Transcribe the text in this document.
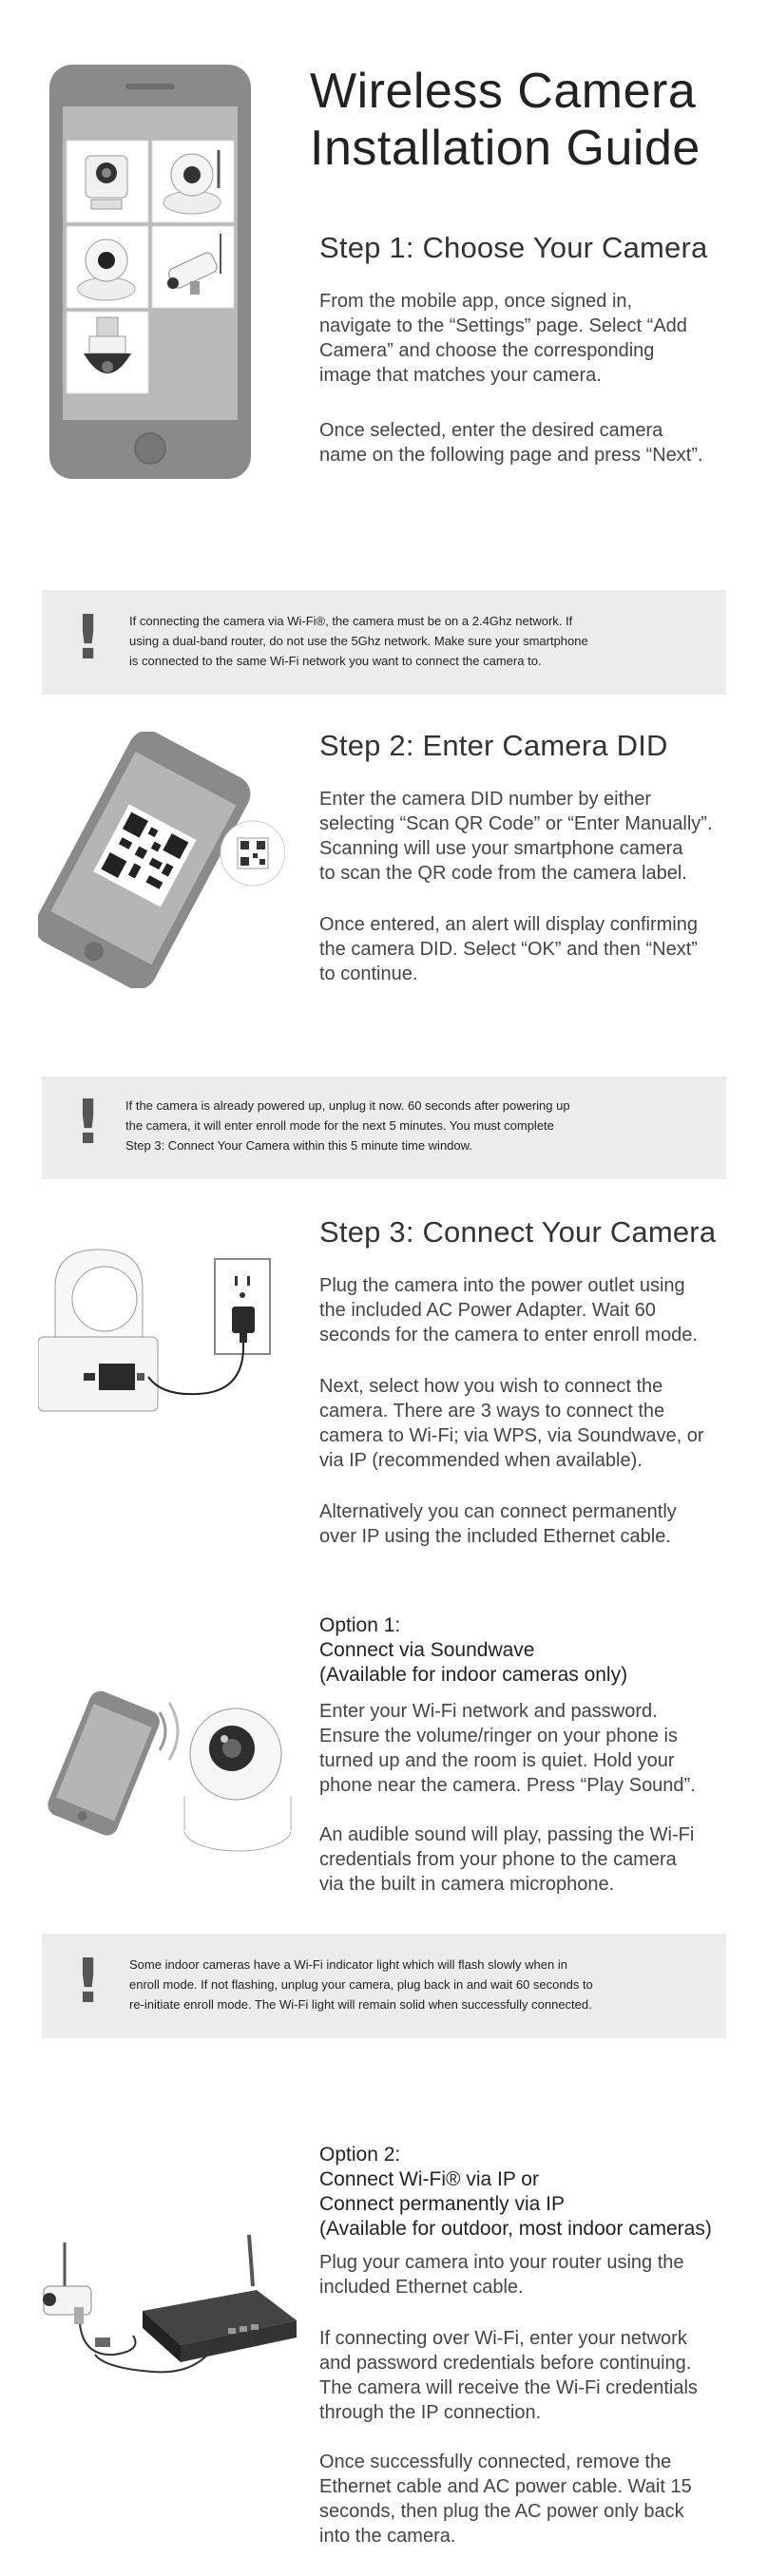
Wireless Camera
Installation Guide
Step 1: Choose Your Camera
From the mobile app, once signed in,
navigate to the “Settings” page. Select “Add
Camera” and choose the corresponding
image that matches your camera.
Once selected, enter the desired camera
name on the following page and press “Next”.
! If connecting the camera via Wi-Fi®, the camera must be on a 2.4Ghz network. If
using a dual-band router, do not use the 5Ghz network. Make sure your smartphone
is connected to the same Wi-Fi network you want to connect the camera to.
Step 2: Enter Camera DID
Enter the camera DID number by either
selecting “Scan QR Code” or “Enter Manually”.
Scanning will use your smartphone camera
to scan the QR code from the camera label.
Once entered, an alert will display confirming
the camera DID. Select “OK” and then “Next”
to continue.
! If the camera is already powered up, unplug it now. 60 seconds after powering up
the camera, it will enter enroll mode for the next 5 minutes. You must complete
Step 3: Connect Your Camera within this 5 minute time window.
Step 3: Connect Your Camera
Plug the camera into the power outlet using
the included AC Power Adapter. Wait 60
seconds for the camera to enter enroll mode.
Next, select how you wish to connect the
camera. There are 3 ways to connect the
camera to Wi-Fi; via WPS, via Soundwave, or
via IP (recommended when available).
Alternatively you can connect permanently
over IP using the included Ethernet cable.
Option 1:
Connect via Soundwave
(Available for indoor cameras only)
Enter your Wi-Fi network and password.
Ensure the volume/ringer on your phone is
turned up and the room is quiet. Hold your
phone near the camera. Press “Play Sound”.
An audible sound will play, passing the Wi-Fi
credentials from your phone to the camera
via the built in camera microphone.
! Some indoor cameras have a Wi-Fi indicator light which will flash slowly when in
enroll mode. If not flashing, unplug your camera, plug back in and wait 60 seconds to
re-initiate enroll mode. The Wi-Fi light will remain solid when successfully connected.
Option 2:
Connect Wi-Fi® via IP or
Connect permanently via IP
(Available for outdoor, most indoor cameras)
Plug your camera into your router using the
included Ethernet cable.
If connecting over Wi-Fi, enter your network
and password credentials before continuing.
The camera will receive the Wi-Fi credentials
through the IP connection.
Once successfully connected, remove the
Ethernet cable and AC power cable. Wait 15
seconds, then plug the AC power only back
into the camera.
